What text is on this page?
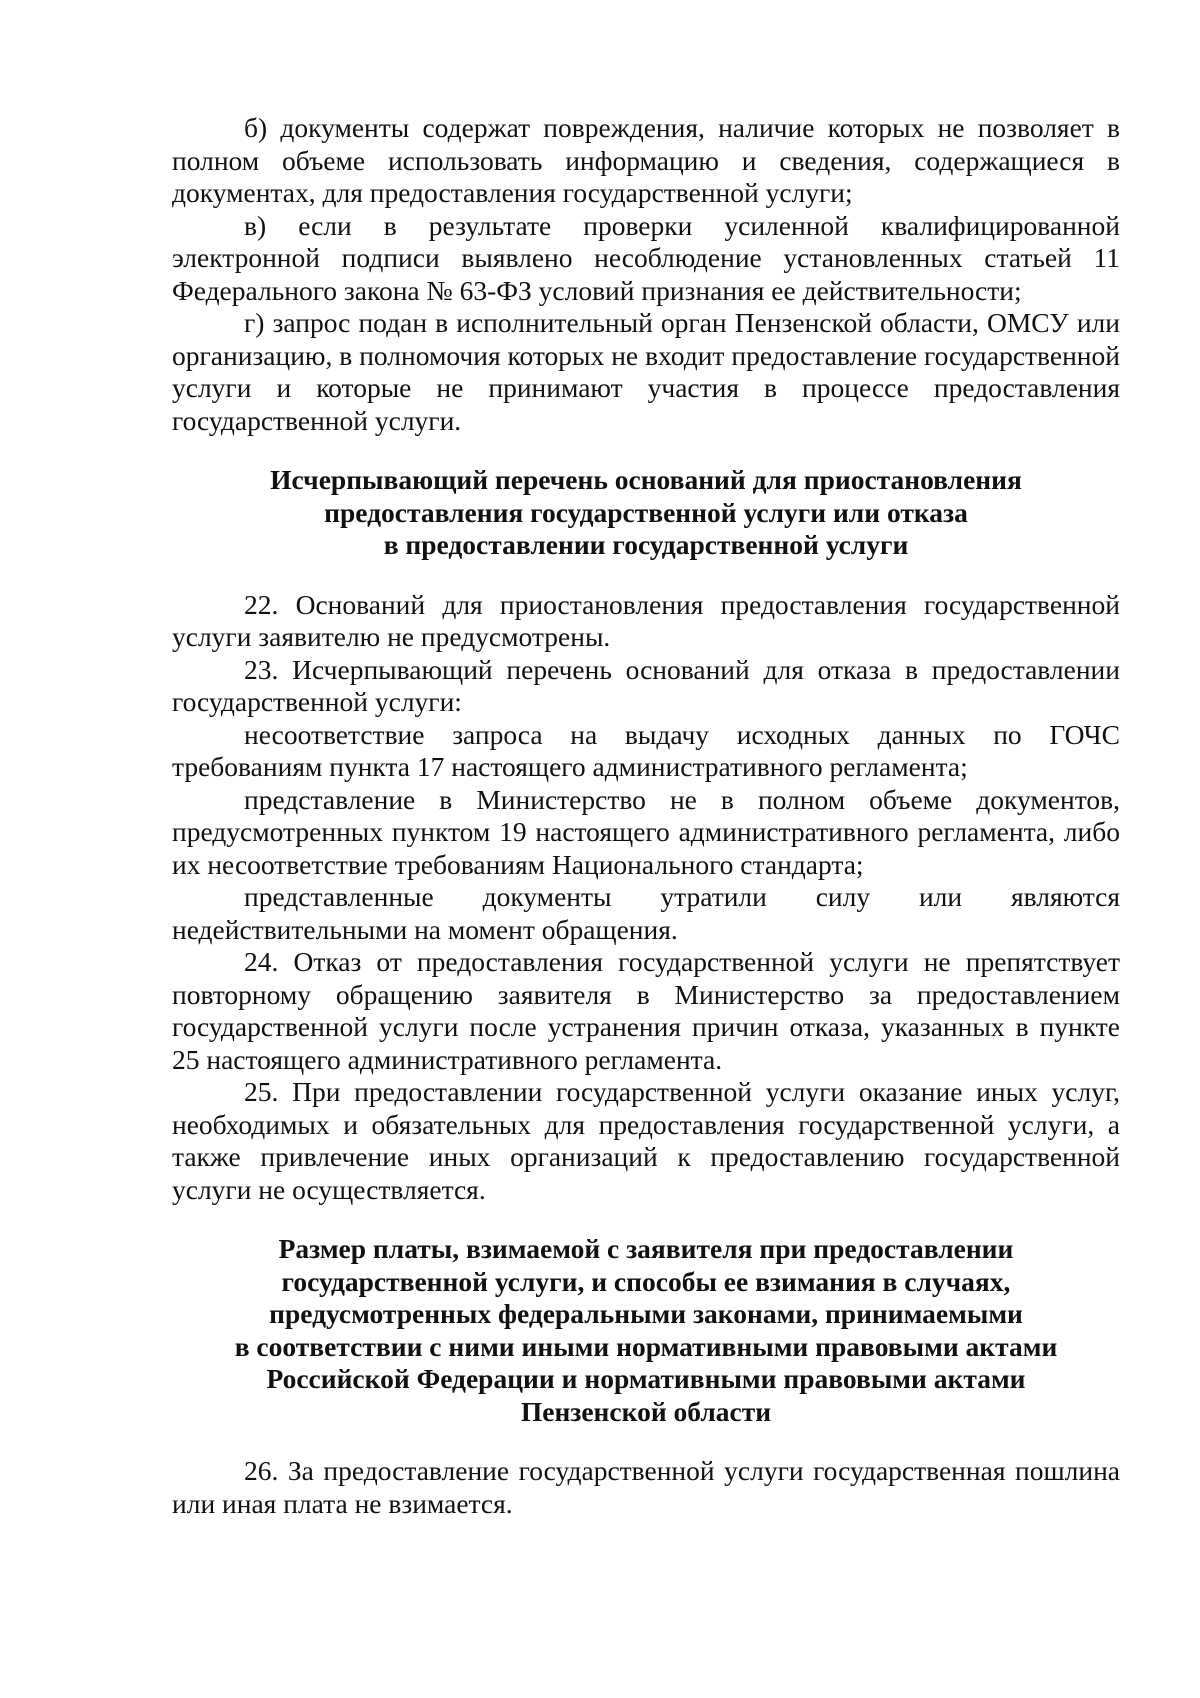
б) документы содержат повреждения, наличие которых не позволяет в полном объеме использовать информацию и сведения, содержащиеся в документах, для предоставления государственной услуги;

в) если в результате проверки усиленной квалифицированной электронной подписи выявлено несоблюдение установленных статьей 11 Федерального закона № 63-ФЗ условий признания ее действительности;

г) запрос подан в исполнительный орган Пензенской области, ОМСУ или организацию, в полномочия которых не входит предоставление государственной услуги и которые не принимают участия в процессе предоставления государственной услуги.

Исчерпывающий перечень оснований для приостановления
предоставления государственной услуги или отказа
в предоставлении государственной услуги

22. Оснований для приостановления предоставления государственной услуги заявителю не предусмотрены.

23. Исчерпывающий перечень оснований для отказа в предоставлении государственной услуги:

несоответствие запроса на выдачу исходных данных по ГОЧС требованиям пункта 17 настоящего административного регламента;

представление в Министерство не в полном объеме документов, предусмотренных пунктом 19 настоящего административного регламента, либо их несоответствие требованиям Национального стандарта;

представленные документы утратили силу или являются недействительными на момент обращения.

24. Отказ от предоставления государственной услуги не препятствует повторному обращению заявителя в Министерство за предоставлением государственной услуги после устранения причин отказа, указанных в пункте 25 настоящего административного регламента.

25. При предоставлении государственной услуги оказание иных услуг, необходимых и обязательных для предоставления государственной услуги, а также привлечение иных организаций к предоставлению государственной услуги не осуществляется.

Размер платы, взимаемой с заявителя при предоставлении
государственной услуги, и способы ее взимания в случаях,
предусмотренных федеральными законами, принимаемыми
в соответствии с ними иными нормативными правовыми актами
Российской Федерации и нормативными правовыми актами
Пензенской области

26. За предоставление государственной услуги государственная пошлина или иная плата не взимается.
